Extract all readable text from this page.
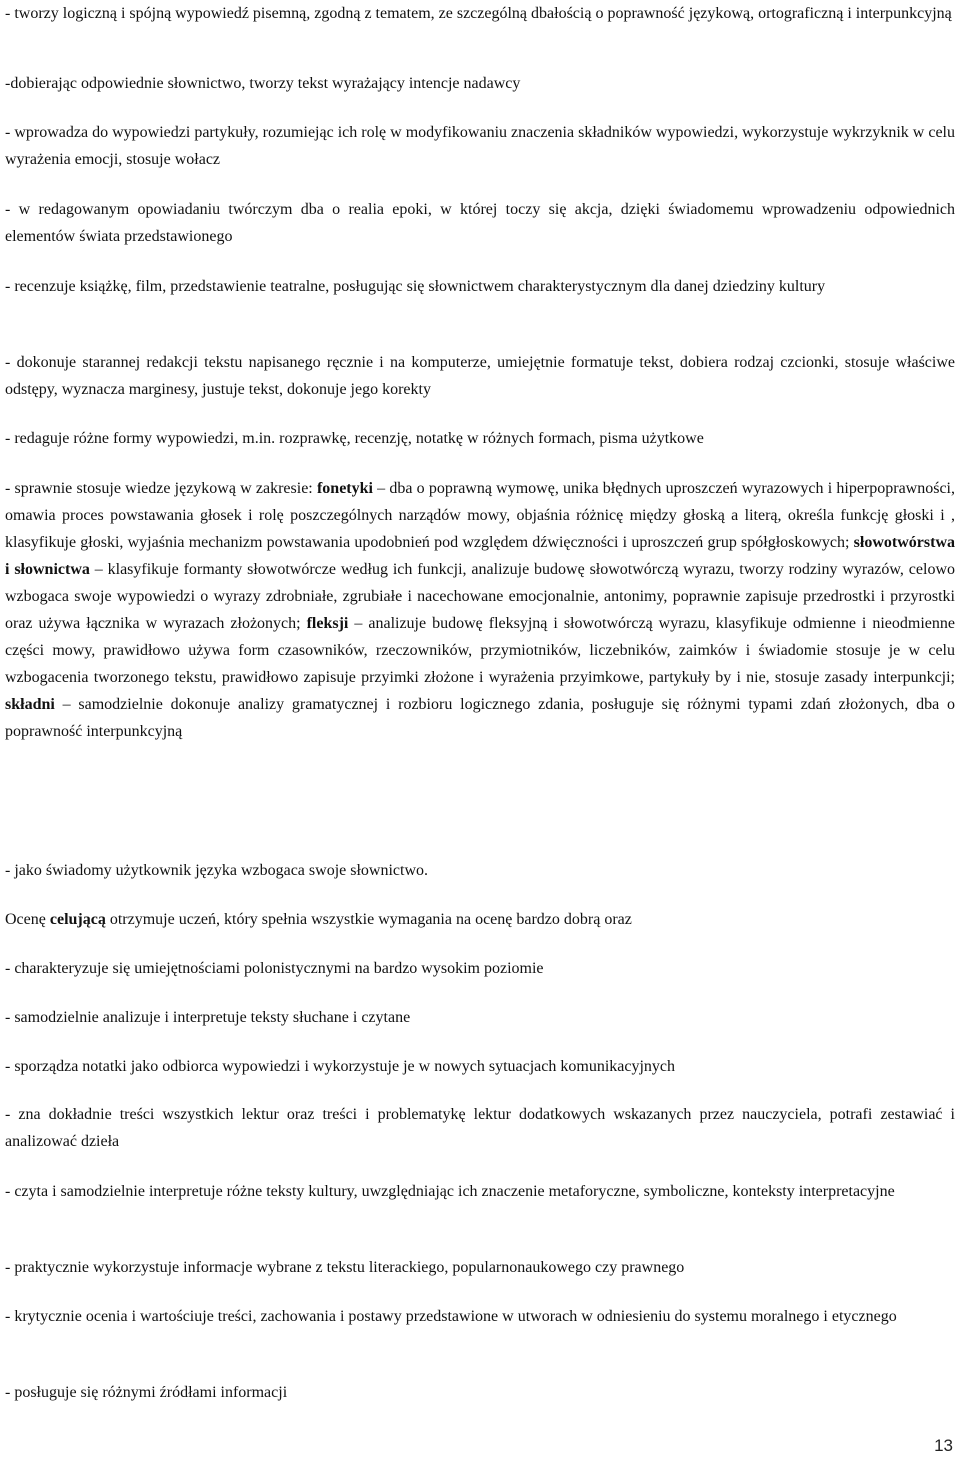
- tworzy logiczną i spójną wypowiedź pisemną, zgodną z tematem, ze szczególną dbałością o poprawność językową, ortograficzną i interpunkcyjną
-dobierając odpowiednie słownictwo, tworzy tekst wyrażający intencje nadawcy
- wprowadza do wypowiedzi partykuły, rozumiejąc ich rolę w modyfikowaniu znaczenia składników wypowiedzi, wykorzystuje wykrzyknik w celu wyrażenia emocji, stosuje wołacz
- w redagowanym opowiadaniu twórczym dba o realia epoki, w której toczy się akcja, dzięki świadomemu wprowadzeniu odpowiednich elementów świata przedstawionego
- recenzuje książkę, film, przedstawienie teatralne, posługując się słownictwem charakterystycznym dla danej dziedziny kultury
- dokonuje starannej redakcji tekstu napisanego ręcznie i na komputerze, umiejętnie formatuje tekst, dobiera rodzaj czcionki, stosuje właściwe odstępy, wyznacza marginesy, justuje tekst, dokonuje jego korekty
- redaguje różne formy wypowiedzi, m.in. rozprawkę, recenzję, notatkę w różnych formach, pisma użytkowe
- sprawnie stosuje wiedze językową w zakresie: fonetyki – dba o poprawną wymowę, unika błędnych uproszczeń wyrazowych i hiperpoprawności, omawia proces powstawania głosek i rolę poszczególnych narządów mowy, objaśnia różnicę między głoską a literą, określa funkcję głoski i , klasyfikuje głoski, wyjaśnia mechanizm powstawania upodobnień pod względem dźwięczności i uproszczeń grup spółgłoskowych; słowotwórstwa i słownictwa – klasyfikuje formanty słowotwórcze według ich funkcji, analizuje budowę słowotwórczą wyrazu, tworzy rodziny wyrazów, celowo wzbogaca swoje wypowiedzi o wyrazy zdrobniałe, zgrubiałe i nacechowane emocjonalnie, antonimy, poprawnie zapisuje przedrostki i przyrostki oraz używa łącznika w wyrazach złożonych; fleksji – analizuje budowę fleksyjną i słowotwórczą wyrazu, klasyfikuje odmienne i nieodmienne części mowy, prawidłowo używa form czasowników, rzeczowników, przymiotników, liczebników, zaimków i świadomie stosuje je w celu wzbogacenia tworzonego tekstu, prawidłowo zapisuje przyimki złożone i wyrażenia przyimkowe, partykuły by i nie, stosuje zasady interpunkcji; składni – samodzielnie dokonuje analizy gramatycznej i rozbioru logicznego zdania, posługuje się różnymi typami zdań złożonych, dba o poprawność interpunkcyjną
- jako świadomy użytkownik języka wzbogaca swoje słownictwo.
Ocenę celującą otrzymuje uczeń, który spełnia wszystkie wymagania na ocenę bardzo dobrą oraz
- charakteryzuje się umiejętnościami polonistycznymi na bardzo wysokim poziomie
- samodzielnie analizuje i interpretuje teksty słuchane i czytane
- sporządza notatki jako odbiorca wypowiedzi i wykorzystuje je w nowych sytuacjach komunikacyjnych
- zna dokładnie treści wszystkich lektur oraz treści i problematykę lektur dodatkowych wskazanych przez nauczyciela, potrafi zestawiać i analizować dzieła
- czyta i samodzielnie interpretuje różne teksty kultury, uwzględniając ich znaczenie metaforyczne, symboliczne, konteksty interpretacyjne
- praktycznie wykorzystuje informacje wybrane z tekstu literackiego, popularnonaukowego czy prawnego
- krytycznie ocenia i wartościuje treści, zachowania i postawy przedstawione w utworach w odniesieniu do systemu moralnego i etycznego
- posługuje się różnymi źródłami informacji
13
